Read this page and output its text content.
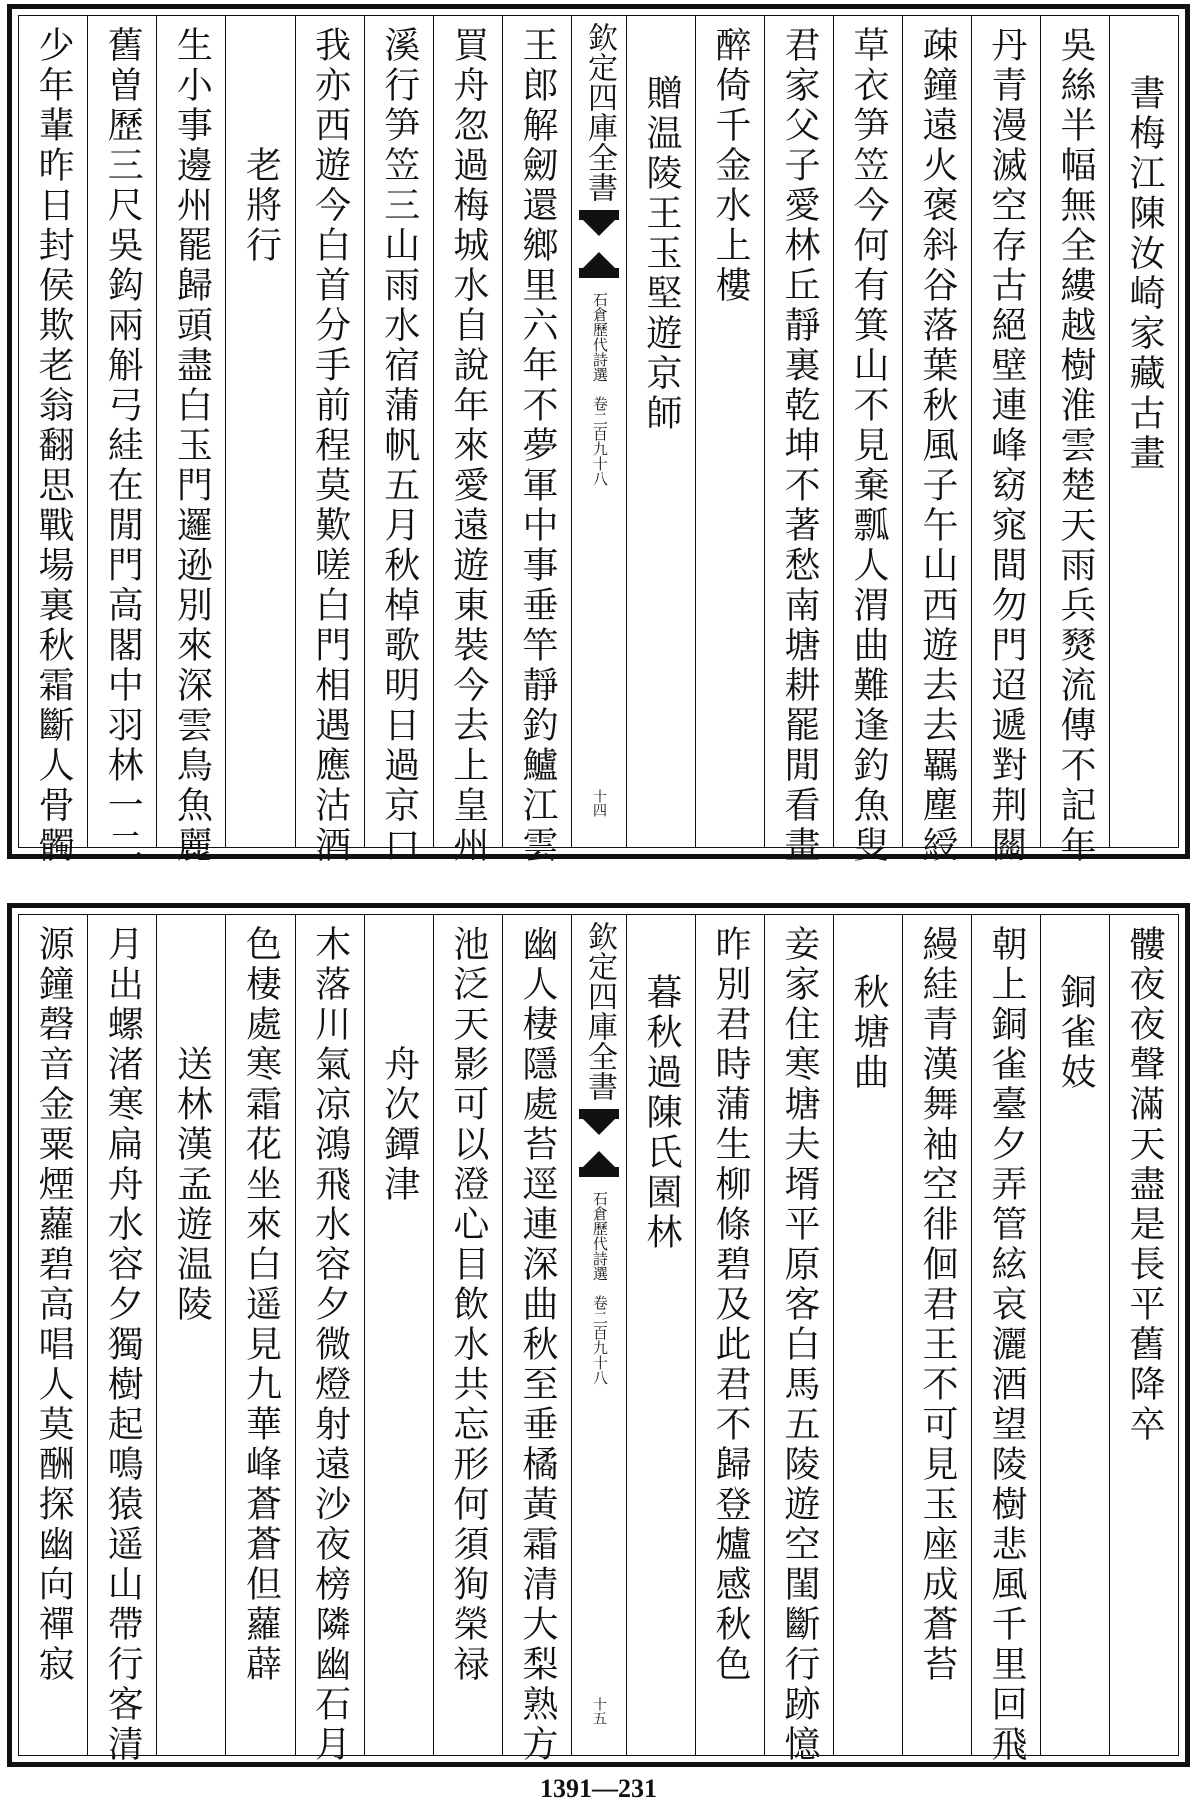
書梅江陳汝崎家藏古畫
吳絲半幅無全縷越樹淮雲楚天雨兵燹流傳不記年
丹青漫滅空存古絕壁連峰窈窕間勿門迢遞對荆關
疎鐘遠火褒斜谷落葉秋風子午山西遊去去羈塵綬
草衣笋笠今何有箕山不見棄瓢人渭曲難逢釣魚叟
君家父子愛林丘靜裏乾坤不著愁南塘耕罷閒看畫
醉倚千金水上樓
贈温陵王玉堅遊京師
欽定四庫全書
石倉歷代詩選
卷二百九十八
十四
王郎解劒還鄉里六年不夢軍中事垂竿靜釣鱸江雲
買舟忽過梅城水自說年來愛遠遊東裝今去上皇州
溪行笋笠三山雨水宿蒲帆五月秋棹歌明日過京口
我亦西遊今白首分手前程莫歎嗟白門相遇應沽酒
老將行
生小事邊州罷歸頭盡白玉門邏逊別來深雲鳥魚麗
舊曽歷三尺吳鈎兩斛弓絓在閒門高閣中羽林一二
少年輩昨日封侯欺老翁翻思戰場裏秋霜斷人骨髑
髏夜夜聲滿天盡是長平舊降卒
銅雀妓
朝上銅雀臺夕弄管絃哀灑酒望陵樹悲風千里回飛
縵絓青漢舞袖空徘佪君王不可見玉座成蒼苔
秋塘曲
妾家住寒塘夫壻平原客白馬五陵遊空閨斷行跡憶
昨別君時蒲生柳條碧及此君不歸登爐感秋色
暮秋過陳氏園林
欽定四庫全書
石倉歷代詩選
卷二百九十八
十五
幽人棲隱處苔逕連深曲秋至垂橘黃霜清大梨熟方
池泛天影可以澄心目飲水共忘形何須狥榮禄
舟次鐔津
木落川氣凉鴻飛水容夕微燈射遠沙夜榜隣幽石月
色棲處寒霜花坐來白遥見九華峰蒼蒼但蘿薜
送林漢孟遊温陵
月出螺渚寒扁舟水容夕獨樹起鳴猿遥山帶行客清
源鐘磬音金粟煙蘿碧高唱人莫酬探幽向禪寂
1391—231
